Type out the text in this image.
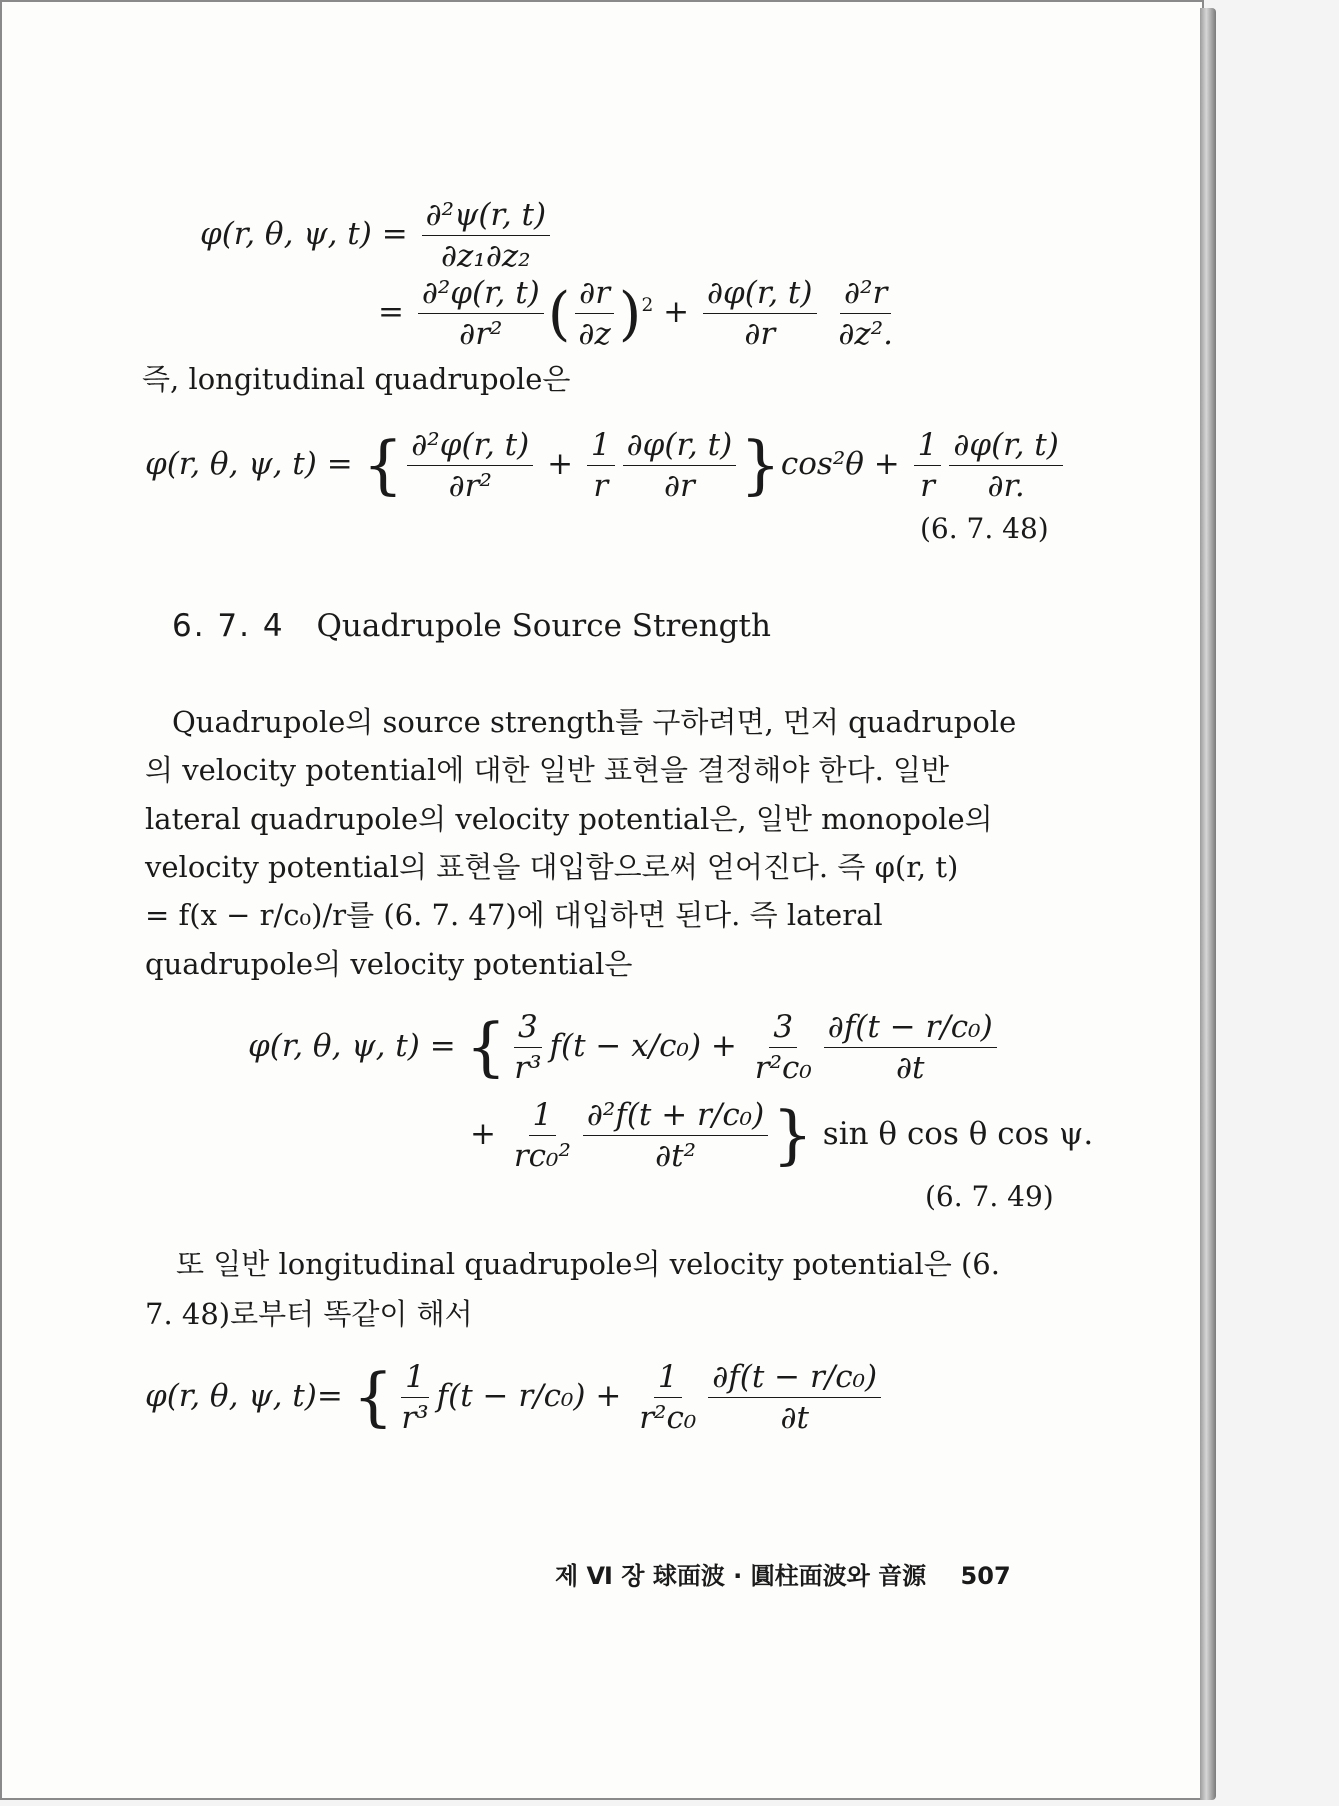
φ(r, θ, ψ, $t) = \frac{\text{∂²ψ(r, t)}}{\text{∂z₁∂z₂}}$
= $\frac{\text{∂²φ(r, t)}}{\text{∂r²}}$ ( $\frac{\partial r}{\partial z} )^2 + \frac{\partial\varphi(r, t)}{\partial r}$
$\frac{\text{∂²r}}{\text{∂z².}}$
즉, longitudinal quadrupole은
φ(r, θ, ψ, t) = { $\frac{\text{∂²φ(r, t)}}{\text{∂r²}} + \frac{1}{r} \frac{\partial\varphi(r, t)}{\partial r} \}\cos^2\theta + \frac{1}{r} \frac{\partial\varphi(r, t)}{\partial r.}$
(6. 7. 48)
6. 7. 4 Quadrupole Source Strength
Quadrupole의 source strength를 구하려면, 먼저 quadrupole
의 velocity potential에 대한 일반 표현을 결정해야 한다. 일반
lateral quadrupole의 velocity potential은, 일반 monopole의
velocity potential의 표현을 대입함으로써 얻어진다. 즉 φ(r, t)
= f(x − r/c₀)/r를 (6. 7. 47)에 대입하면 된다. 즉 lateral
quadrupole의 velocity potential은
φ(r, θ, ψ, t) = { $\frac{3}{\text{r³}} f(t - x/c_0) + \frac{3}{\text{r²c₀}} \frac{\text{∂f(t − r/c₀)}}{\partial t}$
+ $\frac{1}{\text{rc₀²}} \frac{\text{∂²f(t + r/c₀)}}{\text{∂t²}}$ } sin θ cos θ cos ψ.
(6. 7. 49)
또 일반 longitudinal quadrupole의 velocity potential은 (6.
7. 48)로부터 똑같이 해서
φ(r, θ, ψ, t)= { $\frac{1}{\text{r³}} f(t - r/c_0) + \frac{1}{\text{r²c₀}} \frac{\text{∂f(t − r/c₀)}}{\partial t}$
제 Ⅵ 장 球面波 · 圓柱面波와 音源 507
